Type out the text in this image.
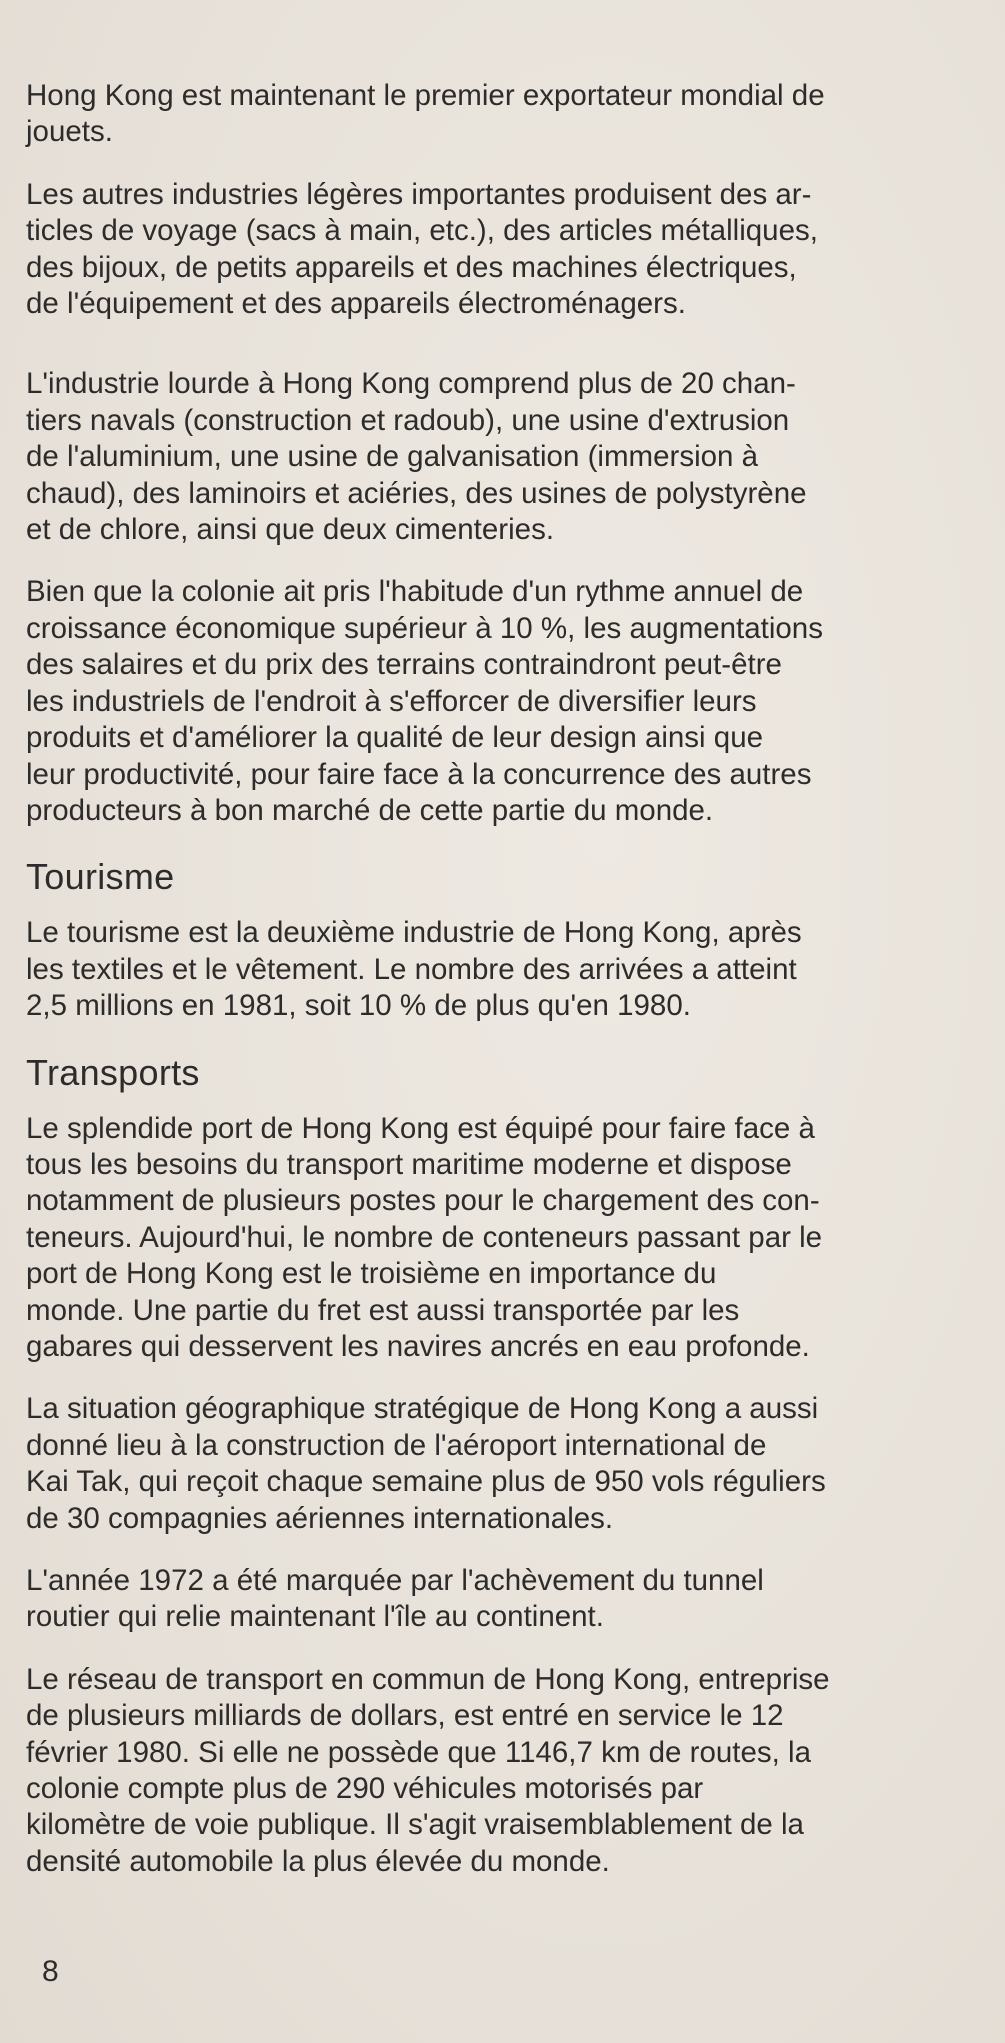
Hong Kong est maintenant le premier exportateur mondial de
jouets.

Les autres industries légères importantes produisent des ar-
ticles de voyage (sacs à main, etc.), des articles métalliques,
des bijoux, de petits appareils et des machines électriques,
de l'équipement et des appareils électroménagers.

L'industrie lourde à Hong Kong comprend plus de 20 chan-
tiers navals (construction et radoub), une usine d'extrusion
de l'aluminium, une usine de galvanisation (immersion à
chaud), des laminoirs et aciéries, des usines de polystyrène
et de chlore, ainsi que deux cimenteries.

Bien que la colonie ait pris l'habitude d'un rythme annuel de
croissance économique supérieur à 10 %, les augmentations
des salaires et du prix des terrains contraindront peut-être
les industriels de l'endroit à s'efforcer de diversifier leurs
produits et d'améliorer la qualité de leur design ainsi que
leur productivité, pour faire face à la concurrence des autres
producteurs à bon marché de cette partie du monde.

Tourisme

Le tourisme est la deuxième industrie de Hong Kong, après
les textiles et le vêtement. Le nombre des arrivées a atteint
2,5 millions en 1981, soit 10 % de plus qu'en 1980.

Transports

Le splendide port de Hong Kong est équipé pour faire face à
tous les besoins du transport maritime moderne et dispose
notamment de plusieurs postes pour le chargement des con-
teneurs. Aujourd'hui, le nombre de conteneurs passant par le
port de Hong Kong est le troisième en importance du
monde. Une partie du fret est aussi transportée par les
gabares qui desservent les navires ancrés en eau profonde.

La situation géographique stratégique de Hong Kong a aussi
donné lieu à la construction de l'aéroport international de
Kai Tak, qui reçoit chaque semaine plus de 950 vols réguliers
de 30 compagnies aériennes internationales.

L'année 1972 a été marquée par l'achèvement du tunnel
routier qui relie maintenant l'île au continent.

Le réseau de transport en commun de Hong Kong, entreprise
de plusieurs milliards de dollars, est entré en service le 12
février 1980. Si elle ne possède que 1146,7 km de routes, la
colonie compte plus de 290 véhicules motorisés par
kilomètre de voie publique. Il s'agit vraisemblablement de la
densité automobile la plus élevée du monde.

8
